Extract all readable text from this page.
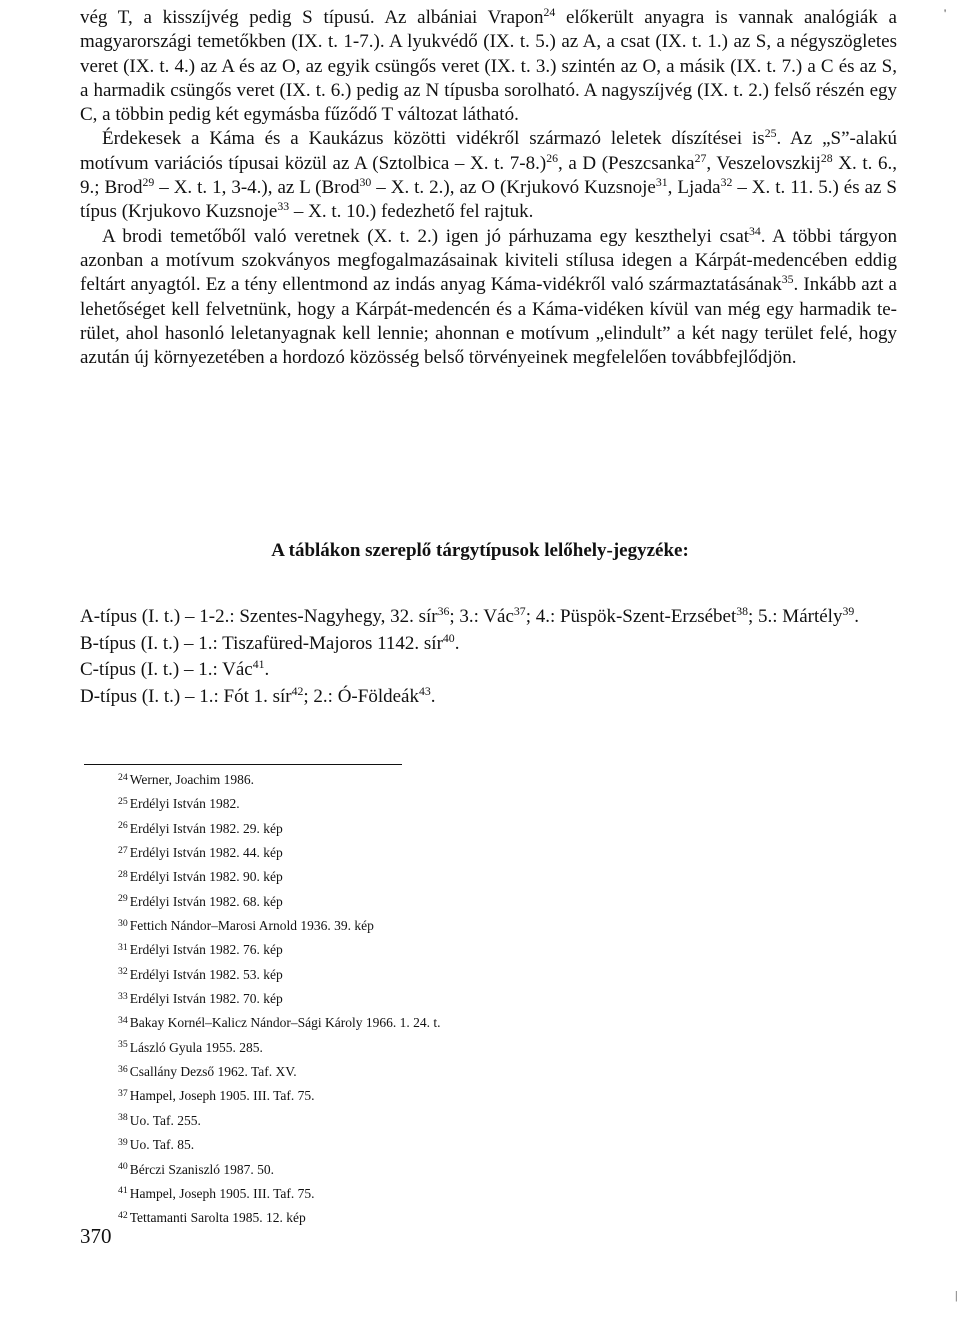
vég T, a kisszíjvég pedig S típusú. Az albániai Vrapon$^{24}$ előkerült anyagra is vannak analógiák a magyarországi temetőkben (IX. t. 1-7.). A lyukvédő (IX. t. 5.) az A, a csat (IX. t. 1.) az S, a négyszögletes veret (IX. t. 4.) az A és az O, az egyik csüngős veret (IX. t. 3.) szintén az O, a másik (IX. t. 7.) a C és az S, a harmadik csüngős veret (IX. t. 6.) pedig az N típusba sorolható. A nagyszíjvég (IX. t. 2.) felső részén egy C, a többin pedig két egymásba fűződő T változat látható.

Érdekesek a Káma és a Kaukázus közötti vidékről származó leletek díszítései $is^{25}$. Az „S”-alakú motívum variációs típusai közül az A (Sztolbica – X. t. 7-8.)$^{26}$, a D (Peszcsanka$^{27}$, Veszelovszkij$^{28}$ X. t. 6., 9.; Brod$^{29}$ – X. t. 1, 3-4.), az L (Brod$^{30}$ – X. t. 2.), az O (Krjukovó Kuzsnoje$^{31}$, Ljada$^{32}$ – X. t. 11. 5.) és az S típus (Krjukovo Kuzsnoje$^{33}$ – X. t. 10.) fedezhető fel rajtuk.

A brodi temetőből való veretnek (X. t. 2.) igen jó párhuzama egy keszthelyi csat$^{34}$. A többi tárgyon azonban a motívum szokványos megfogalmazásainak kiviteli stílusa idegen a Kárpát-medencében eddig feltárt anyagtól. Ez a tény ellentmond az indás anyag Káma-vidékről való származtatásának$^{35}$. Inkább azt a lehetőséget kell felvetnünk, hogy a Kárpát-medencén és a Káma-vidéken kívül van még egy harmadik terület, ahol hasonló leletanyagnak kell lennie; ahonnan e motívum „elindult” a két nagy terület felé, hogy azután új környezetében a hordozó közösség belső törvényeinek megfelelően továbbfejlődjön.

A táblákon szereplő tárgytípusok lelőhely-jegyzéke:

A-típus (I. t.) – 1-2.: Szentes-Nagyhegy, 32. sír$^{36}$; 3.: Vác$^{37}$; 4.: Püspök-Szent-Erzsébet$^{38}$; 5.: Mártély$^{39}$.

B-típus (I. t.) – 1.: Tiszafüred-Majoros 1142. sír$^{40}$.

C-típus (I. t.) – 1.: Vác$^{41}$.

D-típus (I. t.) – 1.: Fót 1. sír$^{42}$; 2.: Ó-Földeák$^{43}$.

$^{24}$ Werner, Joachim 1986.

$^{25}$ Erdélyi István 1982.

$^{26}$ Erdélyi István 1982. 29. kép

$^{27}$ Erdélyi István 1982. 44. kép

$^{28}$ Erdélyi István 1982. 90. kép

$^{29}$ Erdélyi István 1982. 68. kép

$^{30}$ Fettich Nándor–Marosi Arnold 1936. 39. kép

$^{31}$ Erdélyi István 1982. 76. kép

$^{32}$ Erdélyi István 1982. 53. kép

$^{33}$ Erdélyi István 1982. 70. kép

$^{34}$ Bakay Kornél–Kalicz Nándor–Sági Károly 1966. 1. 24. t.

$^{35}$ László Gyula 1955. 285.

$^{36}$ Csallány Dezső 1962. Taf. XV.

$^{37}$ Hampel, Joseph 1905. III. Taf. 75.

$^{38}$ Uo. Taf. 255.

$^{39}$ Uo. Taf. 85.

$^{40}$ Bérczi Szaniszló 1987. 50.

$^{41}$ Hampel, Joseph 1905. III. Taf. 75.

$^{42}$ Tettamanti Sarolta 1985. 12. kép

370
'
|
